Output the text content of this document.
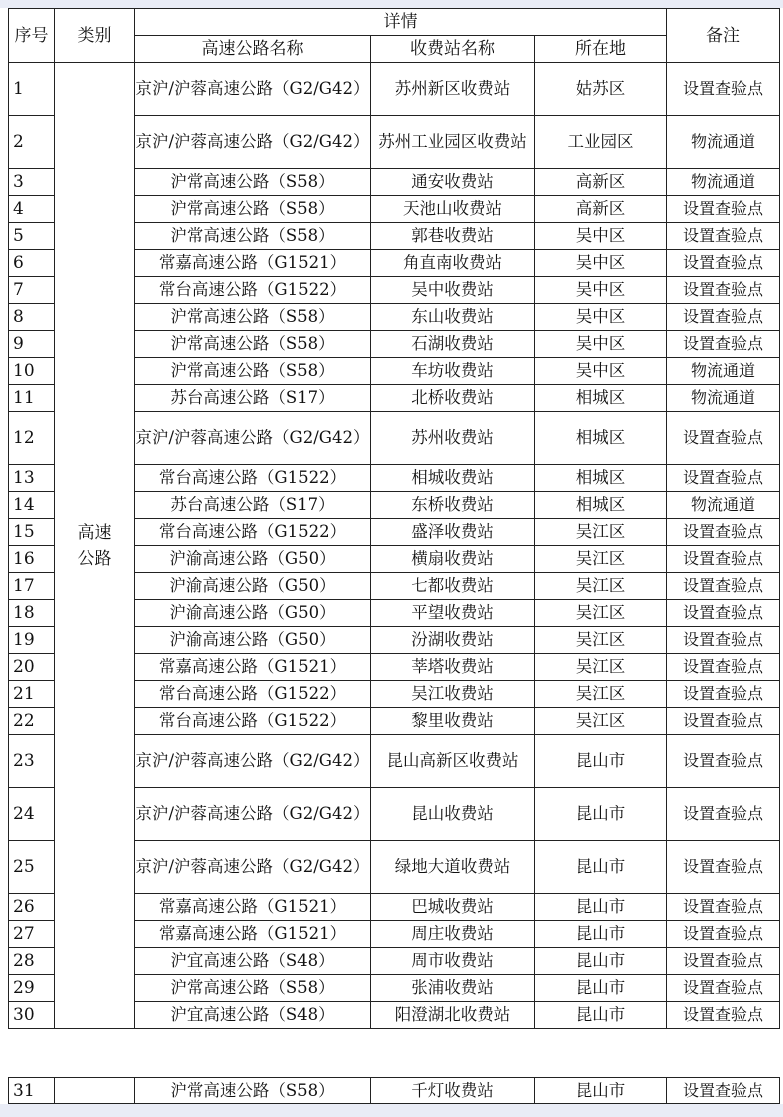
序号	类别	详情			备注
		高速公路名称	收费站名称	所在地	
1	高速公路	京沪/沪蓉高速公路（G2/G42）	苏州新区收费站	姑苏区	设置查验点
2		京沪/沪蓉高速公路（G2/G42）	苏州工业园区收费站	工业园区	物流通道
3		沪常高速公路（S58）	通安收费站	高新区	物流通道
4		沪常高速公路（S58）	天池山收费站	高新区	设置查验点
5		沪常高速公路（S58）	郭巷收费站	吴中区	设置查验点
6		常嘉高速公路（G1521）	角直南收费站	吴中区	设置查验点
7		常台高速公路（G1522）	吴中收费站	吴中区	设置查验点
8		沪常高速公路（S58）	东山收费站	吴中区	设置查验点
9		沪常高速公路（S58）	石湖收费站	吴中区	设置查验点
10		沪常高速公路（S58）	车坊收费站	吴中区	物流通道
11		苏台高速公路（S17）	北桥收费站	相城区	物流通道
12		京沪/沪蓉高速公路（G2/G42）	苏州收费站	相城区	设置查验点
13		常台高速公路（G1522）	相城收费站	相城区	设置查验点
14		苏台高速公路（S17）	东桥收费站	相城区	物流通道
15		常台高速公路（G1522）	盛泽收费站	吴江区	设置查验点
16		沪渝高速公路（G50）	横扇收费站	吴江区	设置查验点
17		沪渝高速公路（G50）	七都收费站	吴江区	设置查验点
18		沪渝高速公路（G50）	平望收费站	吴江区	设置查验点
19		沪渝高速公路（G50）	汾湖收费站	吴江区	设置查验点
20		常嘉高速公路（G1521）	莘塔收费站	吴江区	设置查验点
21		常台高速公路（G1522）	吴江收费站	吴江区	设置查验点
22		常台高速公路（G1522）	黎里收费站	吴江区	设置查验点
23		京沪/沪蓉高速公路（G2/G42）	昆山高新区收费站	昆山市	设置查验点
24		京沪/沪蓉高速公路（G2/G42）	昆山收费站	昆山市	设置查验点
25		京沪/沪蓉高速公路（G2/G42）	绿地大道收费站	昆山市	设置查验点
26		常嘉高速公路（G1521）	巴城收费站	昆山市	设置查验点
27		常嘉高速公路（G1521）	周庄收费站	昆山市	设置查验点
28		沪宜高速公路（S48）	周市收费站	昆山市	设置查验点
29		沪常高速公路（S58）	张浦收费站	昆山市	设置查验点
30		沪宜高速公路（S48）	阳澄湖北收费站	昆山市	设置查验点
31		沪常高速公路（S58）	千灯收费站	昆山市	设置查验点
